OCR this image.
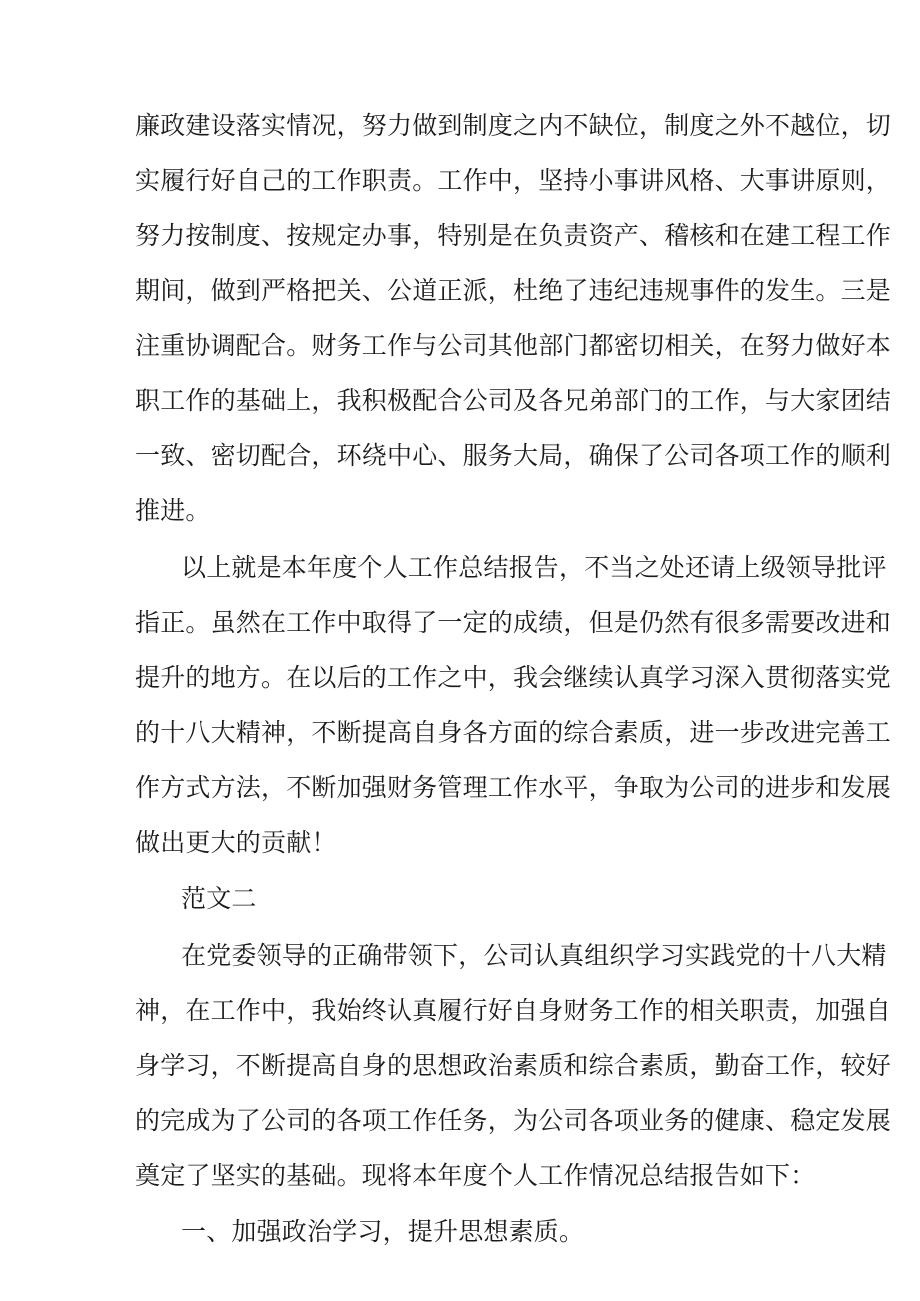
廉政建设落实情况，努力做到制度之内不缺位，制度之外不越位，切
实履行好自己的工作职责。工作中，坚持小事讲风格、大事讲原则，
努力按制度、按规定办事，特别是在负责资产、稽核和在建工程工作
期间，做到严格把关、公道正派，杜绝了违纪违规事件的发生。三是
注重协调配合。财务工作与公司其他部门都密切相关，在努力做好本
职工作的基础上，我积极配合公司及各兄弟部门的工作，与大家团结
一致、密切配合，环绕中心、服务大局，确保了公司各项工作的顺利
推进。
以上就是本年度个人工作总结报告，不当之处还请上级领导批评
指正。虽然在工作中取得了一定的成绩，但是仍然有很多需要改进和
提升的地方。在以后的工作之中，我会继续认真学习深入贯彻落实党
的十八大精神，不断提高自身各方面的综合素质，进一步改进完善工
作方式方法，不断加强财务管理工作水平，争取为公司的进步和发展
做出更大的贡献！
范文二
在党委领导的正确带领下，公司认真组织学习实践党的十八大精
神，在工作中，我始终认真履行好自身财务工作的相关职责，加强自
身学习，不断提高自身的思想政治素质和综合素质，勤奋工作，较好
的完成为了公司的各项工作任务，为公司各项业务的健康、稳定发展
奠定了坚实的基础。现将本年度个人工作情况总结报告如下：
一、加强政治学习，提升思想素质。
